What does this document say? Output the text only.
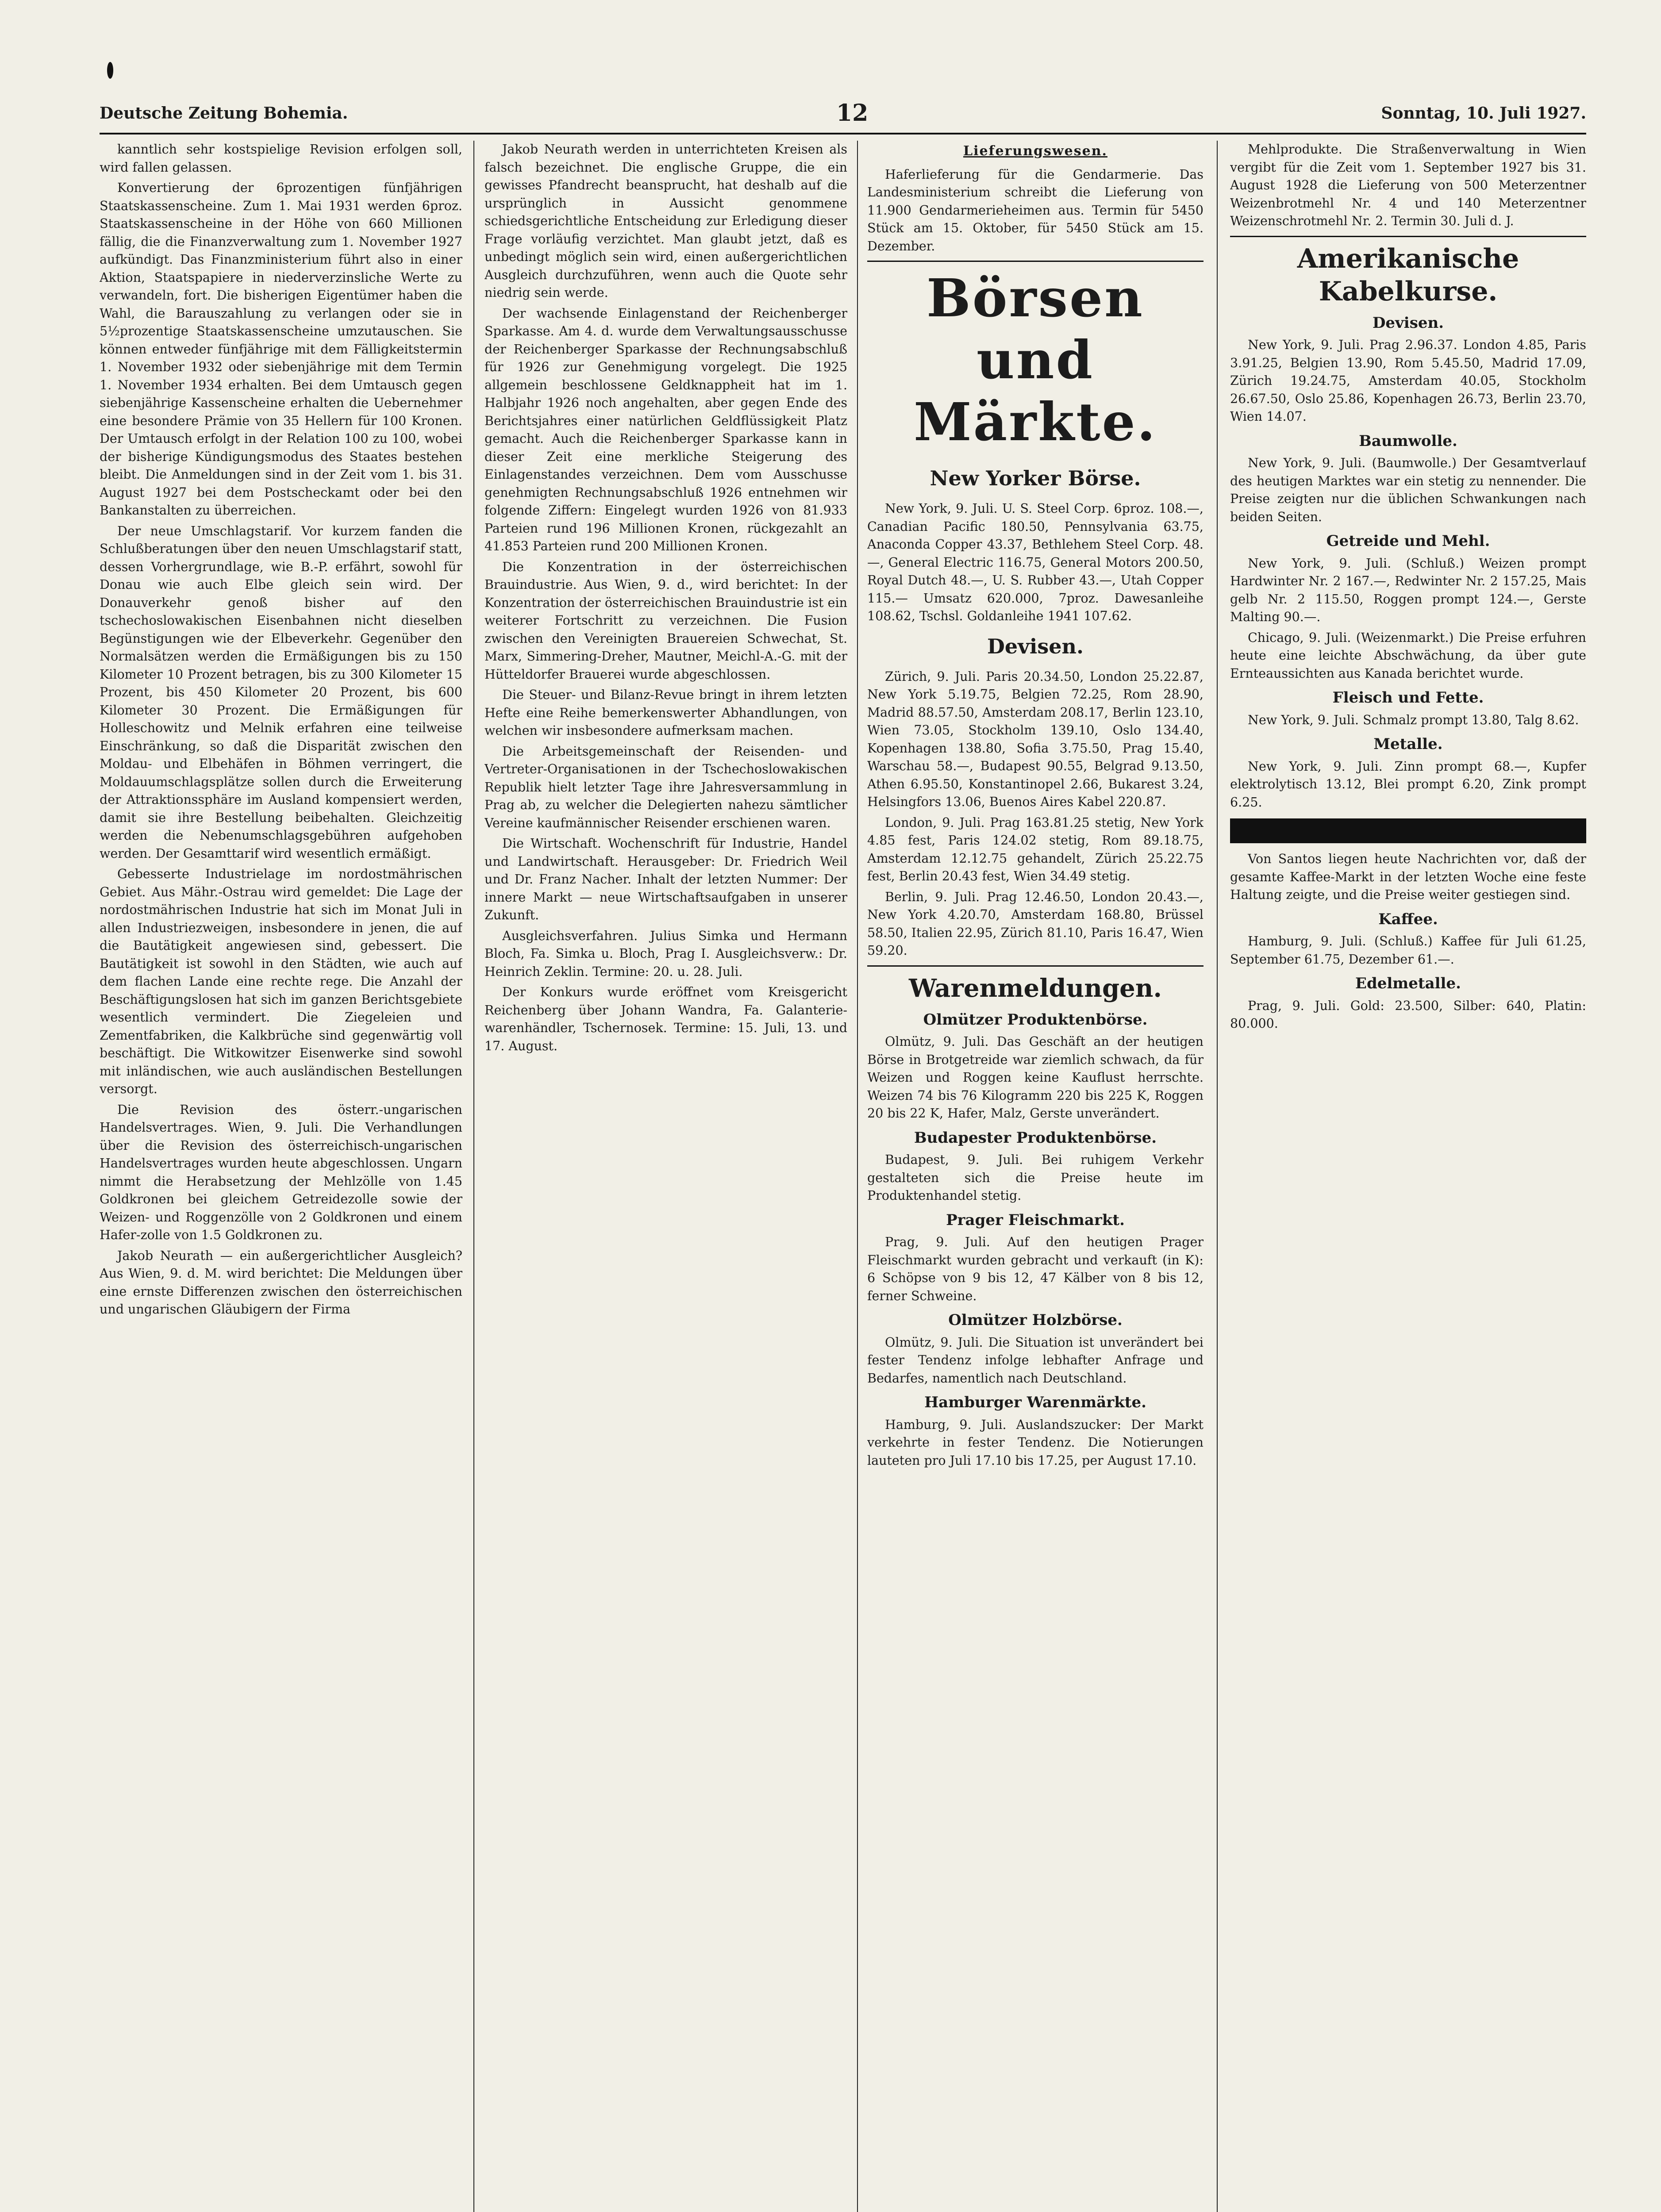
Deutsche Zeitung Bohemia.	12	Sonntag, 10. Juli 1927.

kanntlich sehr kostspielige Revision erfolgen soll, wird fallen gelassen.

Konvertierung der 6prozentigen fünfjährigen Staatskassenscheine. Zum 1. Mai 1931 werden 6proz. Staatskassenscheine in der Höhe von 660 Millionen fällig, die die Finanzverwaltung zum 1. November 1927 aufkündigt. Das Finanzministerium führt also in einer Aktion, Staatspapiere in niederverzinsliche Werte zu verwandeln, fort. Die bisherigen Eigentümer haben die Wahl, die Barauszahlung zu verlangen oder sie in 5½prozentige Staatskassenscheine umzutauschen. Sie können entweder fünfjährige mit dem Fälligkeitstermin 1. November 1932 oder siebenjährige mit dem Termin 1. November 1934 erhalten. Bei dem Umtausch gegen siebenjährige Kassenscheine erhalten die Uebernehmer eine besondere Prämie von 35 Hellern für 100 Kronen. Der Umtausch erfolgt in der Relation 100 zu 100, wobei der bisherige Kündigungsmodus des Staates bestehen bleibt. Die Anmeldungen sind in der Zeit vom 1. bis 31. August 1927 bei dem Postscheckamt oder bei den Bankanstalten zu überreichen.

Der neue Umschlagstarif. Vor kurzem fanden die Schlußberatungen über den neuen Umschlagstarif statt, dessen Vorhergrundlage, wie B.-P. erfährt, sowohl für Donau wie auch Elbe gleich sein wird. Der Donauverkehr genoß bisher auf den tschechoslowakischen Eisenbahnen nicht dieselben Begünstigungen wie der Elbeverkehr. Gegenüber den Normalsätzen werden die Ermäßigungen bis zu 150 Kilometer 10 Prozent betragen, bis zu 300 Kilometer 15 Prozent, bis 450 Kilometer 20 Prozent, bis 600 Kilometer 30 Prozent. Die Ermäßigungen für Holleschowitz und Melnik erfahren eine teilweise Einschränkung, so daß die Disparität zwischen den Moldau- und Elbehäfen in Böhmen verringert, die Moldauumschlagsplätze sollen durch die Erweiterung der Attraktionssphäre im Ausland kompensiert werden, damit sie ihre Bestellung beibehalten. Gleichzeitig werden die Nebenumschlagsgebühren aufgehoben werden. Der Gesamttarif wird wesentlich ermäßigt.

Gebesserte Industrielage im nordostmährischen Gebiet. Aus Mähr.-Ostrau wird gemeldet: Die Lage der nordostmährischen Industrie hat sich im Monat Juli in allen Industriezweigen, insbesondere in jenen, die auf die Bautätigkeit angewiesen sind, gebessert. Die Bautätigkeit ist sowohl in den Städten, wie auch auf dem flachen Lande eine rechte rege. Die Anzahl der Beschäftigungslosen hat sich im ganzen Berichtsgebiete wesentlich vermindert. Die Ziegeleien und Zementfabriken, die Kalkbrüche sind gegenwärtig voll beschäftigt. Die Witkowitzer Eisenwerke sind sowohl mit inländischen, wie auch ausländischen Bestellungen versorgt.

Die Revision des österr.-ungarischen Handelsvertrages. Wien, 9. Juli. Die Verhandlungen über die Revision des österreichisch-ungarischen Handelsvertrages wurden heute abgeschlossen. Ungarn nimmt die Herabsetzung der Mehlzölle von 1.45 Goldkronen bei gleichem Getreidezolle sowie der Weizen- und Roggenzölle von 2 Goldkronen und einem Hafer-zolle von 1.5 Goldkronen zu.

Jakob Neurath — ein außergerichtlicher Ausgleich? Aus Wien, 9. d. M. wird berichtet: Die Meldungen über eine ernste Differenzen zwischen den österreichischen und ungarischen Gläubigern der Firma

Jakob Neurath werden in unterrichteten Kreisen als falsch bezeichnet. Die englische Gruppe, die ein gewisses Pfandrecht beansprucht, hat deshalb auf die ursprünglich in Aussicht genommene schiedsgerichtliche Entscheidung zur Erledigung dieser Frage vorläufig verzichtet. Man glaubt jetzt, daß es unbedingt möglich sein wird, einen außergerichtlichen Ausgleich durchzuführen, wenn auch die Quote sehr niedrig sein werde.

Der wachsende Einlagenstand der Reichenberger Sparkasse. Am 4. d. wurde dem Verwaltungsausschusse der Reichenberger Sparkasse der Rechnungsabschluß für 1926 zur Genehmigung vorgelegt. Die 1925 allgemein beschlossene Geldknappheit hat im 1. Halbjahr 1926 noch angehalten, aber gegen Ende des Berichtsjahres einer natürlichen Geldflüssigkeit Platz gemacht. Auch die Reichenberger Sparkasse kann in dieser Zeit eine merkliche Steigerung des Einlagenstandes verzeichnen. Dem vom Ausschusse genehmigten Rechnungsabschluß 1926 entnehmen wir folgende Ziffern: Eingelegt wurden 1926 von 81.933 Parteien rund 196 Millionen Kronen, rückgezahlt an 41.853 Parteien rund 200 Millionen Kronen.

Die Konzentration in der österreichischen Brauindustrie. Aus Wien, 9. d., wird berichtet: In der Konzentration der österreichischen Brauindustrie ist ein weiterer Fortschritt zu verzeichnen. Die Fusion zwischen den Vereinigten Brauereien Schwechat, St. Marx, Simmering-Dreher, Mautner, Meichl-A.-G. mit der Hütteldorfer Brauerei wurde abgeschlossen.

Die Steuer- und Bilanz-Revue bringt in ihrem letzten Hefte eine Reihe bemerkenswerter Abhandlungen, von welchen wir insbesondere aufmerksam machen.

Die Arbeitsgemeinschaft der Reisenden- und Vertreter-Organisationen in der Tschechoslowakischen Republik hielt letzter Tage ihre Jahresversammlung in Prag ab, zu welcher die Delegierten nahezu sämtlicher Vereine kaufmännischer Reisender erschienen waren.

Die Wirtschaft. Wochenschrift für Industrie, Handel und Landwirtschaft. Herausgeber: Dr. Friedrich Weil und Dr. Franz Nacher. Inhalt der letzten Nummer: Der innere Markt — neue Wirtschaftsaufgaben in unserer Zukunft.

Ausgleichsverfahren. Julius Simka und Hermann Bloch, Fa. Simka u. Bloch, Prag I. Ausgleichsverw.: Dr. Heinrich Zeklin. Termine: 20. u. 28. Juli.

Der Konkurs wurde eröffnet vom Kreisgericht Reichenberg über Johann Wandra, Fa. Galanterie-warenhändler, Tschernosek. Termine: 15. Juli, 13. und 17. August.

Lieferungswesen.

Haferlieferung für die Gendarmerie. Das Landesministerium schreibt die Lieferung von 11.900 Gendarmerieheimen aus. Termin für 5450 Stück am 15. Oktober, für 5450 Stück am 15. Dezember.

Börsen und Märkte.
New Yorker Börse.

New York, 9. Juli. U. S. Steel Corp. 6proz. 108.—, Canadian Pacific 180.50, Pennsylvania 63.75, Anaconda Copper 43.37, Bethlehem Steel Corp. 48.—, General Electric 116.75, General Motors 200.50, Royal Dutch 48.—, U. S. Rubber 43.—, Utah Copper 115.— Umsatz 620.000, 7proz. Dawesanleihe 108.62, Tschsl. Goldanleihe 1941 107.62.

Devisen.

Zürich, 9. Juli. Paris 20.34.50, London 25.22.87, New York 5.19.75, Belgien 72.25, Rom 28.90, Madrid 88.57.50, Amsterdam 208.17, Berlin 123.10, Wien 73.05, Stockholm 139.10, Oslo 134.40, Kopenhagen 138.80, Sofia 3.75.50, Prag 15.40, Warschau 58.—, Budapest 90.55, Belgrad 9.13.50, Athen 6.95.50, Konstantinopel 2.66, Bukarest 3.24, Helsingfors 13.06, Buenos Aires Kabel 220.87.

London, 9. Juli. Prag 163.81.25 stetig, New York 4.85 fest, Paris 124.02 stetig, Rom 89.18.75, Amsterdam 12.12.75 gehandelt, Zürich 25.22.75 fest, Berlin 20.43 fest, Wien 34.49 stetig.

Berlin, 9. Juli. Prag 12.46.50, London 20.43.—, New York 4.20.70, Amsterdam 168.80, Brüssel 58.50, Italien 22.95, Zürich 81.10, Paris 16.47, Wien 59.20.

Warenmeldungen.
Olmützer Produktenbörse.

Olmütz, 9. Juli. Das Geschäft an der heutigen Börse in Brotgetreide war ziemlich schwach, da für Weizen und Roggen keine Kauflust herrschte. Weizen 74 bis 76 Kilogramm 220 bis 225 K, Roggen 20 bis 22 K, Hafer, Malz, Gerste unverändert.

Budapester Produktenbörse.

Budapest, 9. Juli. Bei ruhigem Verkehr gestalteten sich die Preise heute im Produktenhandel stetig.

Prager Fleischmarkt.

Prag, 9. Juli. Auf den heutigen Prager Fleischmarkt wurden gebracht und verkauft (in K): 6 Schöpse von 9 bis 12, 47 Kälber von 8 bis 12, ferner Schweine.

Olmützer Holzbörse.

Olmütz, 9. Juli. Die Situation ist unverändert bei fester Tendenz infolge lebhafter Anfrage und Bedarfes, namentlich nach Deutschland.

Hamburger Warenmärkte.

Hamburg, 9. Juli. Auslandszucker: Der Markt verkehrte in fester Tendenz. Die Notierungen lauteten pro Juli 17.10 bis 17.25, per August 17.10.

Mehlprodukte. Die Straßenverwaltung in Wien vergibt für die Zeit vom 1. September 1927 bis 31. August 1928 die Lieferung von 500 Meterzentner Weizenbrotmehl Nr. 4 und 140 Meterzentner Weizenschrotmehl Nr. 2. Termin 30. Juli d. J.

Amerikanische Kabelkurse.
Devisen.

New York, 9. Juli. Prag 2.96.37. London 4.85, Paris 3.91.25, Belgien 13.90, Rom 5.45.50, Madrid 17.09, Zürich 19.24.75, Amsterdam 40.05, Stockholm 26.67.50, Oslo 25.86, Kopenhagen 26.73, Berlin 23.70, Wien 14.07.

Baumwolle.

New York, 9. Juli. (Baumwolle.) Der Gesamtverlauf des heutigen Marktes war ein stetig zu nennender. Die Preise zeigten nur die üblichen Schwankungen nach beiden Seiten.

Getreide und Mehl.

New York, 9. Juli. (Schluß.) Weizen prompt Hardwinter Nr. 2 167.—, Redwinter Nr. 2 157.25, Mais gelb Nr. 2 115.50, Roggen prompt 124.—, Gerste Malting 90.—.

Chicago, 9. Juli. (Weizenmarkt.) Die Preise erfuhren heute eine leichte Abschwächung, da über gute Ernteaussichten aus Kanada berichtet wurde.

Fleisch und Fette.

New York, 9. Juli. Schmalz prompt 13.80, Talg 8.62.

Metalle.

New York, 9. Juli. Zinn prompt 68.—, Kupfer elektrolytisch 13.12, Blei prompt 6.20, Zink prompt 6.25.

Von Santos liegen heute Nachrichten vor, daß der gesamte Kaffee-Markt in der letzten Woche eine feste Haltung zeigte, und die Preise weiter gestiegen sind.

Kaffee.

Hamburg, 9. Juli. (Schluß.) Kaffee für Juli 61.25, September 61.75, Dezember 61.—.

Edelmetalle.

Prag, 9. Juli. Gold: 23.500, Silber: 640, Platin: 80.000.
